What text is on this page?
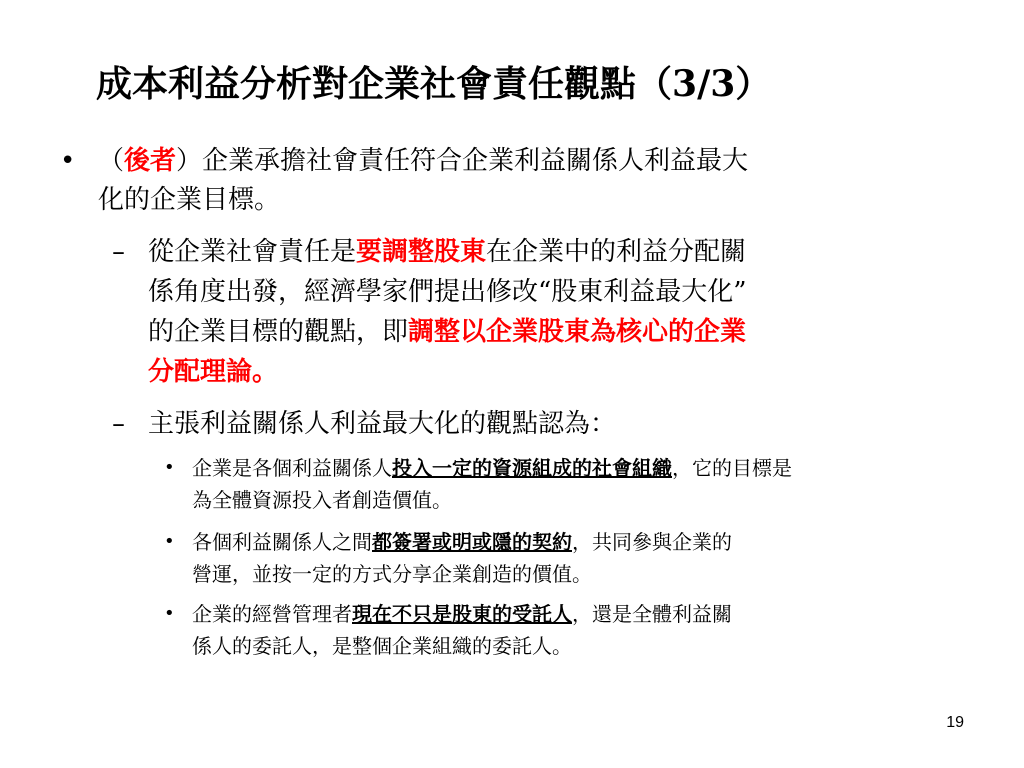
成本利益分析對企業社會責任觀點（3/3）
• （後者）企業承擔社會責任符合企業利益關係人利益最大
化的企業目標。
– 從企業社會責任是要調整股東在企業中的利益分配關
係角度出發，經濟學家們提出修改“股東利益最大化”
的企業目標的觀點，即調整以企業股東為核心的企業
分配理論。
– 主張利益關係人利益最大化的觀點認為：
• 企業是各個利益關係人投入一定的資源組成的社會組織，它的目標是
為全體資源投入者創造價值。
• 各個利益關係人之間都簽署或明或隱的契約，共同參與企業的
營運，並按一定的方式分享企業創造的價值。
• 企業的經營管理者現在不只是股東的受託人，還是全體利益關
係人的委託人，是整個企業組織的委託人。
19
